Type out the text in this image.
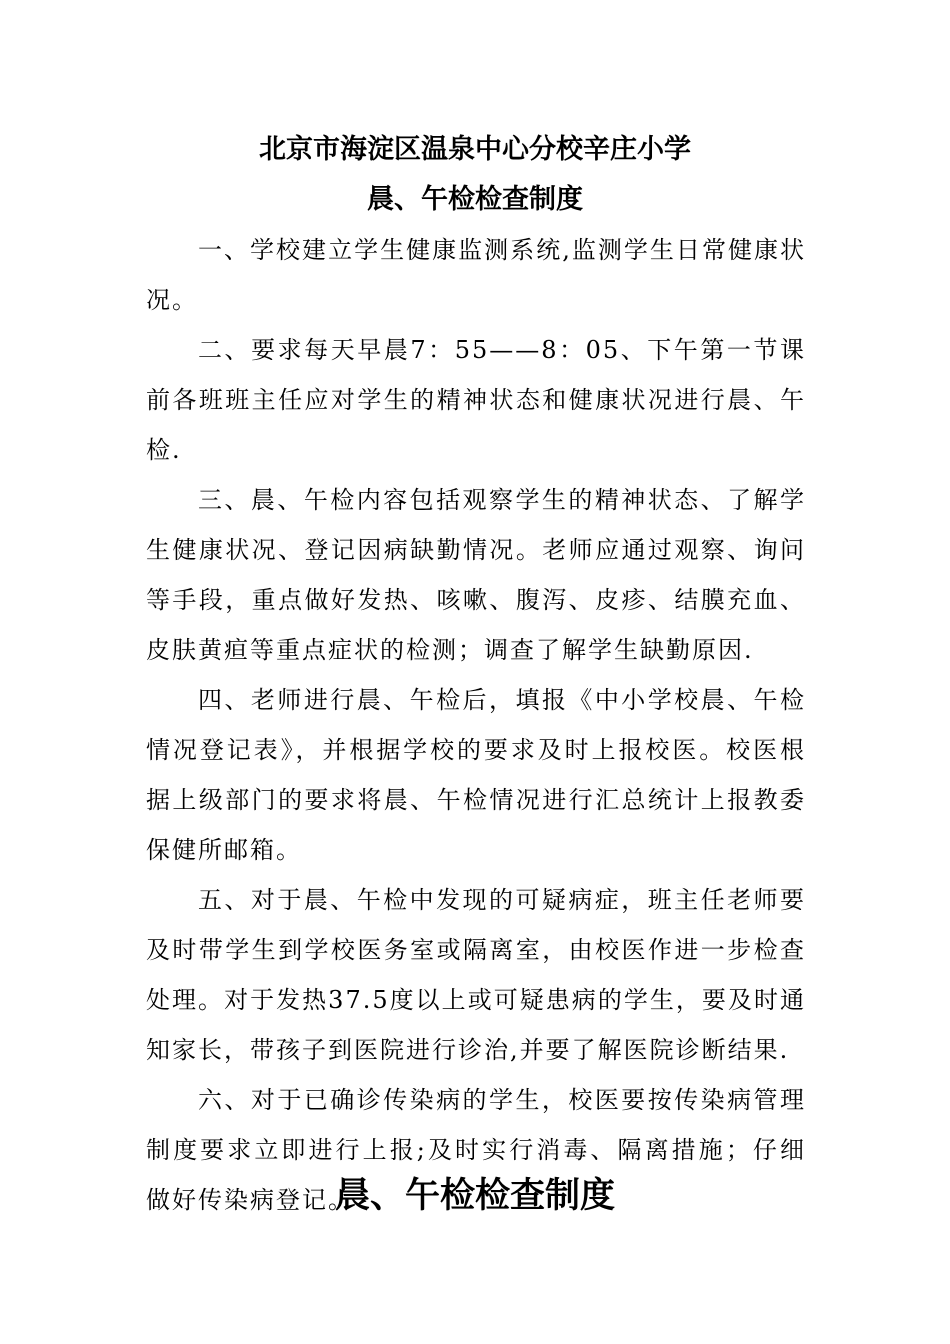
北京市海淀区温泉中心分校辛庄小学
晨、午检检查制度

一、学校建立学生健康监测系统,监测学生日常健康状况。

二、要求每天早晨7：55——8：05、下午第一节课前各班班主任应对学生的精神状态和健康状况进行晨、午检.

三、晨、午检内容包括观察学生的精神状态、了解学生健康状况、登记因病缺勤情况。老师应通过观察、询问等手段，重点做好发热、咳嗽、腹泻、皮疹、结膜充血、皮肤黄疸等重点症状的检测；调查了解学生缺勤原因.

四、老师进行晨、午检后，填报《中小学校晨、午检情况登记表》，并根据学校的要求及时上报校医。校医根据上级部门的要求将晨、午检情况进行汇总统计上报教委保健所邮箱。

五、对于晨、午检中发现的可疑病症，班主任老师要及时带学生到学校医务室或隔离室，由校医作进一步检查处理。对于发热37.5度以上或可疑患病的学生，要及时通知家长，带孩子到医院进行诊治,并要了解医院诊断结果.

六、对于已确诊传染病的学生，校医要按传染病管理制度要求立即进行上报;及时实行消毒、隔离措施；仔细做好传染病登记。

晨、午检检查制度
